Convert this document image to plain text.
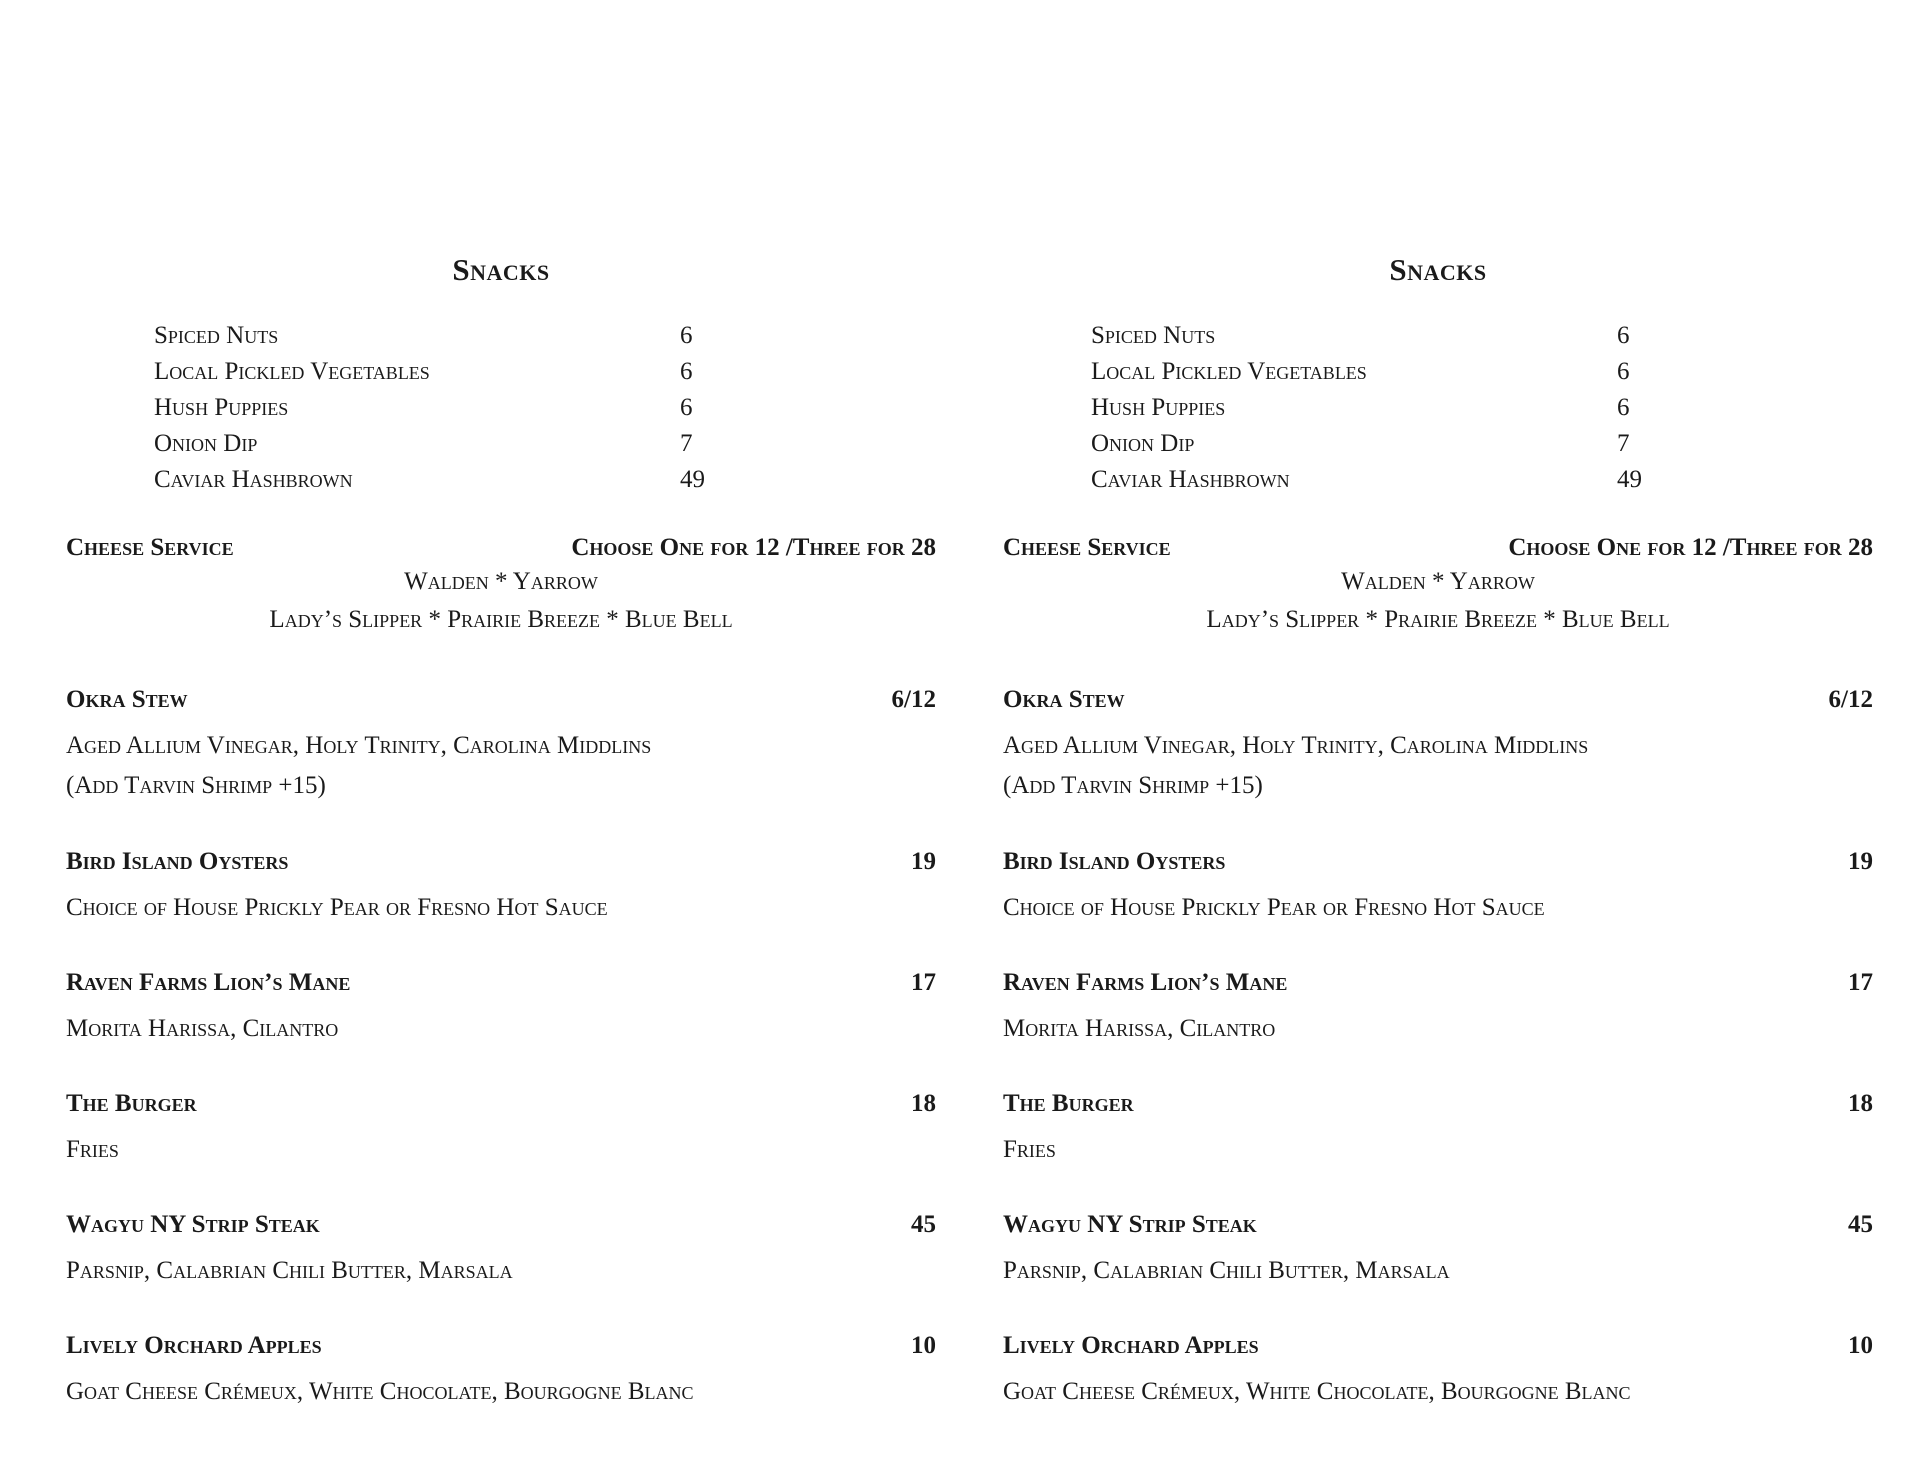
Snacks
Spiced Nuts	6
Local Pickled Vegetables	6
Hush Puppies	6
Onion Dip	7
Caviar Hashbrown	49
Cheese Service	Choose One for 12 /Three for 28
Walden * Yarrow
Lady’s Slipper * Prairie Breeze * Blue Bell
Okra Stew	6/12
Aged Allium Vinegar, Holy Trinity, Carolina Middlins
(Add Tarvin Shrimp +15)
Bird Island Oysters	19
Choice of House Prickly Pear or Fresno Hot Sauce
Raven Farms Lion’s Mane	17
Morita Harissa, Cilantro
The Burger	18
Fries
Wagyu NY Strip Steak	45
Parsnip, Calabrian Chili Butter, Marsala
Lively Orchard Apples	10
Goat Cheese Crémeux, White Chocolate, Bourgogne Blanc
Snacks
Spiced Nuts	6
Local Pickled Vegetables	6
Hush Puppies	6
Onion Dip	7
Caviar Hashbrown	49
Cheese Service	Choose One for 12 /Three for 28
Walden * Yarrow
Lady’s Slipper * Prairie Breeze * Blue Bell
Okra Stew	6/12
Aged Allium Vinegar, Holy Trinity, Carolina Middlins
(Add Tarvin Shrimp +15)
Bird Island Oysters	19
Choice of House Prickly Pear or Fresno Hot Sauce
Raven Farms Lion’s Mane	17
Morita Harissa, Cilantro
The Burger	18
Fries
Wagyu NY Strip Steak	45
Parsnip, Calabrian Chili Butter, Marsala
Lively Orchard Apples	10
Goat Cheese Crémeux, White Chocolate, Bourgogne Blanc
